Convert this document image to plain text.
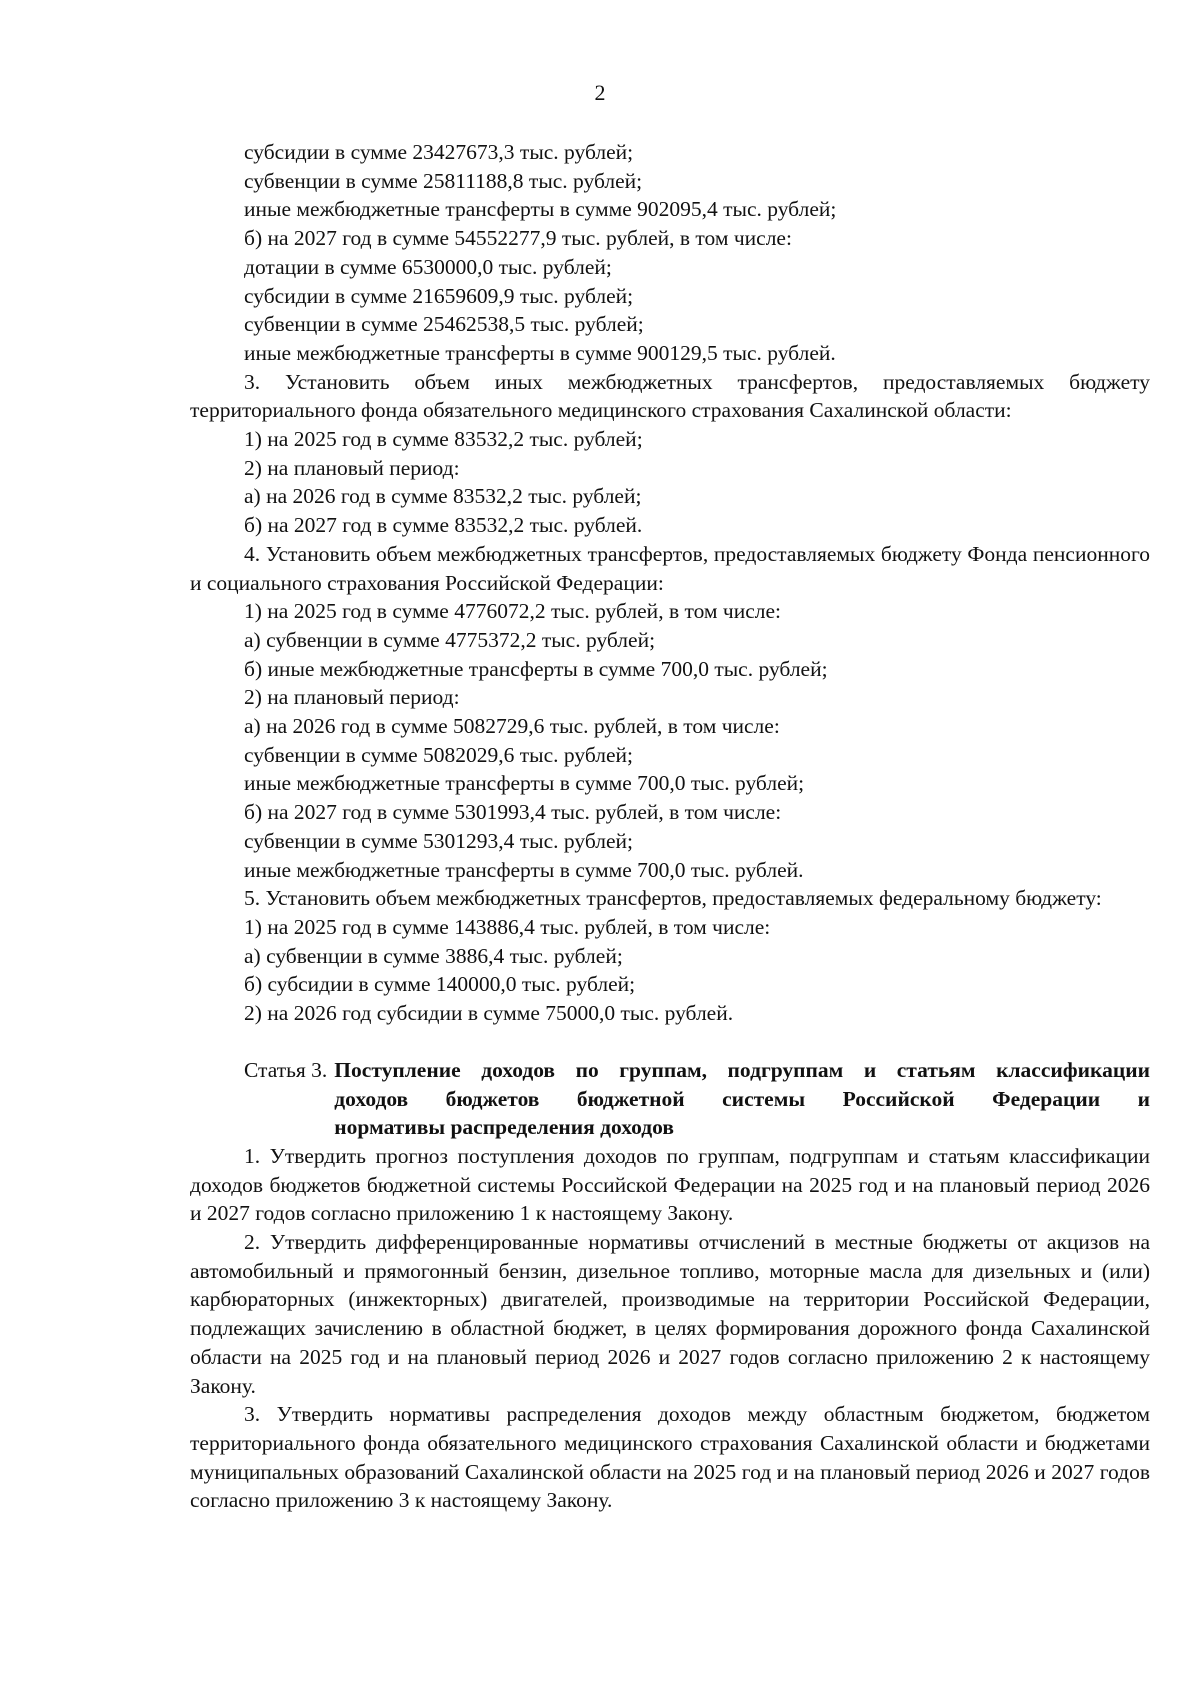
2
субсидии в сумме 23427673,3 тыс. рублей;
субвенции в сумме 25811188,8 тыс. рублей;
иные межбюджетные трансферты в сумме 902095,4 тыс. рублей;
б) на 2027 год в сумме 54552277,9 тыс. рублей, в том числе:
дотации в сумме 6530000,0 тыс. рублей;
субсидии в сумме 21659609,9 тыс. рублей;
субвенции в сумме 25462538,5 тыс. рублей;
иные межбюджетные трансферты в сумме 900129,5 тыс. рублей.

3. Установить объем иных межбюджетных трансфертов, предоставляемых бюджету территориального фонда обязательного медицинского страхования Сахалинской области:

1) на 2025 год в сумме 83532,2 тыс. рублей;
2) на плановый период:
а) на 2026 год в сумме 83532,2 тыс. рублей;
б) на 2027 год в сумме 83532,2 тыс. рублей.

4. Установить объем межбюджетных трансфертов, предоставляемых бюджету Фонда пенсионного и социального страхования Российской Федерации:

1) на 2025 год в сумме 4776072,2 тыс. рублей, в том числе:
а) субвенции в сумме 4775372,2 тыс. рублей;
б) иные межбюджетные трансферты в сумме 700,0 тыс. рублей;
2) на плановый период:
а) на 2026 год в сумме 5082729,6 тыс. рублей, в том числе:
субвенции в сумме 5082029,6 тыс. рублей;
иные межбюджетные трансферты в сумме 700,0 тыс. рублей;
б) на 2027 год в сумме 5301993,4 тыс. рублей, в том числе:
субвенции в сумме 5301293,4 тыс. рублей;
иные межбюджетные трансферты в сумме 700,0 тыс. рублей.

5. Установить объем межбюджетных трансфертов, предоставляемых федеральному бюджету:

1) на 2025 год в сумме 143886,4 тыс. рублей, в том числе:
а) субвенции в сумме 3886,4 тыс. рублей;
б) субсидии в сумме 140000,0 тыс. рублей;
2) на 2026 год субсидии в сумме 75000,0 тыс. рублей.
Статья 3. Поступление доходов по группам, подгруппам и статьям классификации
доходов бюджетов бюджетной системы Российской Федерации и
нормативы распределения доходов

1. Утвердить прогноз поступления доходов по группам, подгруппам и статьям классификации доходов бюджетов бюджетной системы Российской Федерации на 2025 год и на плановый период 2026 и 2027 годов согласно приложению 1 к настоящему Закону.

2. Утвердить дифференцированные нормативы отчислений в местные бюджеты от акцизов на автомобильный и прямогонный бензин, дизельное топливо, моторные масла для дизельных и (или) карбюраторных (инжекторных) двигателей, производимые на территории Российской Федерации, подлежащих зачислению в областной бюджет, в целях формирования дорожного фонда Сахалинской области на 2025 год и на плановый период 2026 и 2027 годов согласно приложению 2 к настоящему Закону.

3. Утвердить нормативы распределения доходов между областным бюджетом, бюджетом территориального фонда обязательного медицинского страхования Сахалинской области и бюджетами муниципальных образований Сахалинской области на 2025 год и на плановый период 2026 и 2027 годов согласно приложению 3 к настоящему Закону.
